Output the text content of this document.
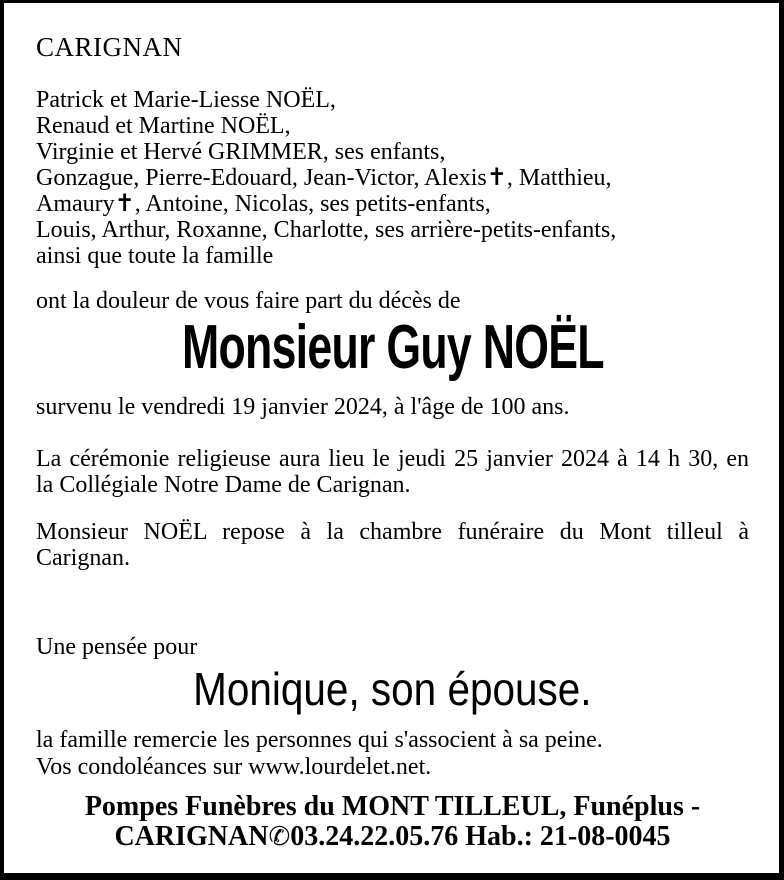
CARIGNAN
Patrick et Marie-Liesse NOËL,
Renaud et Martine NOËL,
Virginie et Hervé GRIMMER, ses enfants,
Gonzague, Pierre-Edouard, Jean-Victor, Alexis✝, Matthieu,
Amaury✝, Antoine, Nicolas, ses petits-enfants,
Louis, Arthur, Roxanne, Charlotte, ses arrière-petits-enfants,
ainsi que toute la famille
ont la douleur de vous faire part du décès de
Monsieur Guy NOËL
survenu le vendredi 19 janvier 2024, à l'âge de 100 ans.
La cérémonie religieuse aura lieu le jeudi 25 janvier 2024 à 14 h 30, en
la Collégiale Notre Dame de Carignan.
Monsieur NOËL repose à la chambre funéraire du Mont tilleul à
Carignan.
Une pensée pour
Monique, son épouse.
la famille remercie les personnes qui s'associent à sa peine.
Vos condoléances sur www.lourdelet.net.
Pompes Funèbres du MONT TILLEUL, Funéplus -
CARIGNAN✆03.24.22.05.76 Hab.: 21-08-0045
